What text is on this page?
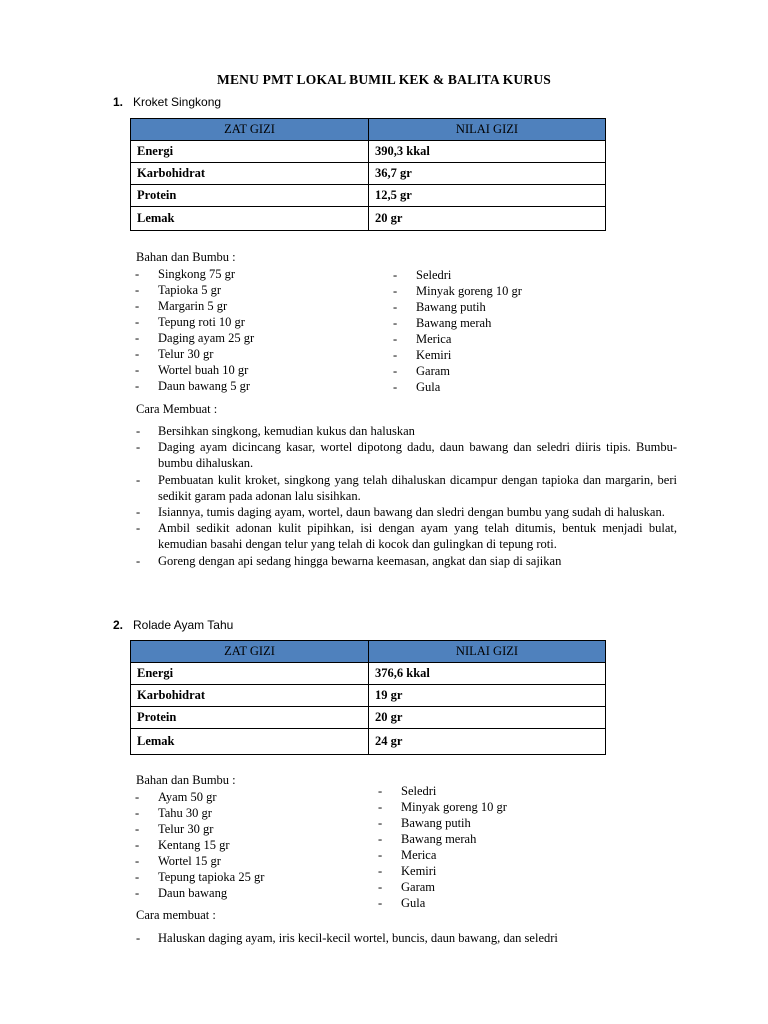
MENU PMT LOKAL BUMIL KEK & BALITA KURUS
1. Kroket Singkong
ZAT GIZI	NILAI GIZI
Energi	390,3 kkal
Karbohidrat	36,7 gr
Protein	12,5 gr
Lemak	20 gr
Bahan dan Bumbu :
- Singkong 75 gr
- Tapioka 5 gr
- Margarin 5 gr
- Tepung roti 10 gr
- Daging ayam 25 gr
- Telur 30 gr
- Wortel buah 10 gr
- Daun bawang 5 gr
- Seledri
- Minyak goreng 10 gr
- Bawang putih
- Bawang merah
- Merica
- Kemiri
- Garam
- Gula
Cara Membuat :
- Bersihkan singkong, kemudian kukus dan haluskan
- Daging ayam dicincang kasar, wortel dipotong dadu, daun bawang dan seledri diiris tipis. Bumbu- bumbu dihaluskan.
- Pembuatan kulit kroket, singkong yang telah dihaluskan dicampur dengan tapioka dan margarin, beri sedikit garam pada adonan lalu sisihkan.
- Isiannya, tumis daging ayam, wortel, daun bawang dan sledri dengan bumbu yang sudah di haluskan.
- Ambil sedikit adonan kulit pipihkan, isi dengan ayam yang telah ditumis, bentuk menjadi bulat, kemudian basahi dengan telur yang telah di kocok dan gulingkan di tepung roti.
- Goreng dengan api sedang hingga bewarna keemasan, angkat dan siap di sajikan
2. Rolade Ayam Tahu
ZAT GIZI	NILAI GIZI
Energi	376,6 kkal
Karbohidrat	19 gr
Protein	20 gr
Lemak	24 gr
Bahan dan Bumbu :
- Ayam 50 gr
- Tahu 30 gr
- Telur 30 gr
- Kentang 15 gr
- Wortel 15 gr
- Tepung tapioka 25 gr
- Daun bawang
- Seledri
- Minyak goreng 10 gr
- Bawang putih
- Bawang merah
- Merica
- Kemiri
- Garam
- Gula
Cara membuat :
- Haluskan daging ayam, iris kecil-kecil wortel, buncis, daun bawang, dan seledri
